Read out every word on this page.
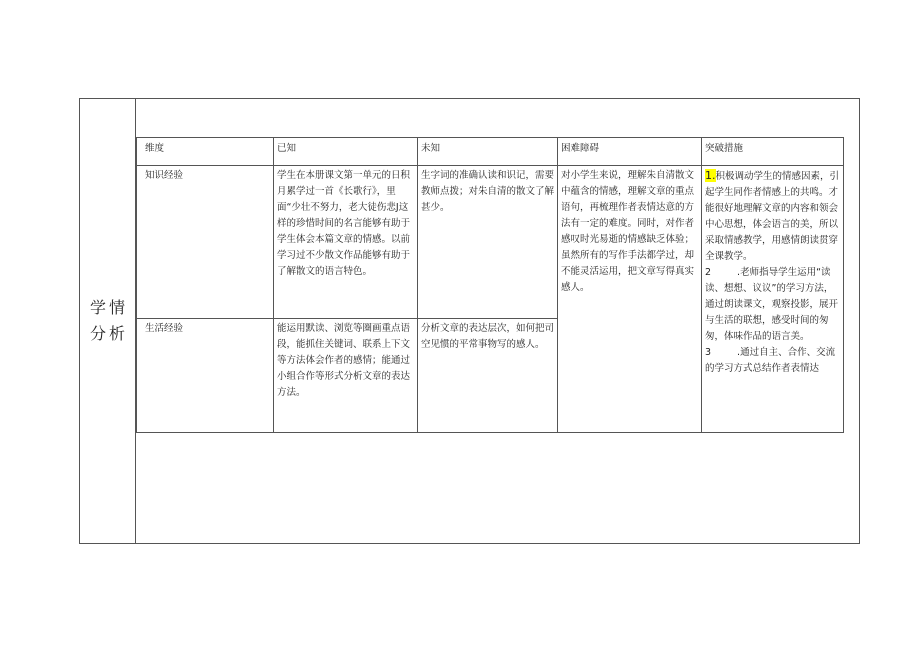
学情分析
维度	已知	未知	困难障碍	突破措施
知识经验	学生在本册课文第一单元的日积月累学过一首《长歌行》，里面“少壮不努力，老大徒伤悲J这样的珍惜时间的名言能够有助于学生体会本篇文章的情感。以前学习过不少散文作品能够有助于了解散文的语言特色。	生字词的准确认读和识记，需要教师点拨；对朱自清的散文了解甚少。	对小学生来说，理解朱自清散文中蕴含的情感，理解文章的重点语句，再梳理作者表情达意的方法有一定的难度。同时，对作者感叹时光易逝的情感缺乏体验；虽然所有的写作手法都学过，却不能灵活运用，把文章写得真实感人。	1.积极调动学生的情感因素，引起学生同作者情感上的共鸣。才能很好地理解文章的内容和领会中心思想，体会语言的美，所以采取情感教学，用感情朗读贯穿全课教学。
2 .老师指导学生运用“读读、想想、议议”的学习方法，通过朗读课文，观察投影，展开与生活的联想，感受时间的匆匆，体味作品的语言美。
3 .通过自主、合作、交流的学习方式总结作者表情达

生活经验	能运用默读、浏览等圈画重点语段，能抓住关键词、联系上下文等方法体会作者的感情；能通过小组合作等形式分析文章的表达方法。	分析文章的表达层次，如何把司空见惯的平常事物写的感人。		
